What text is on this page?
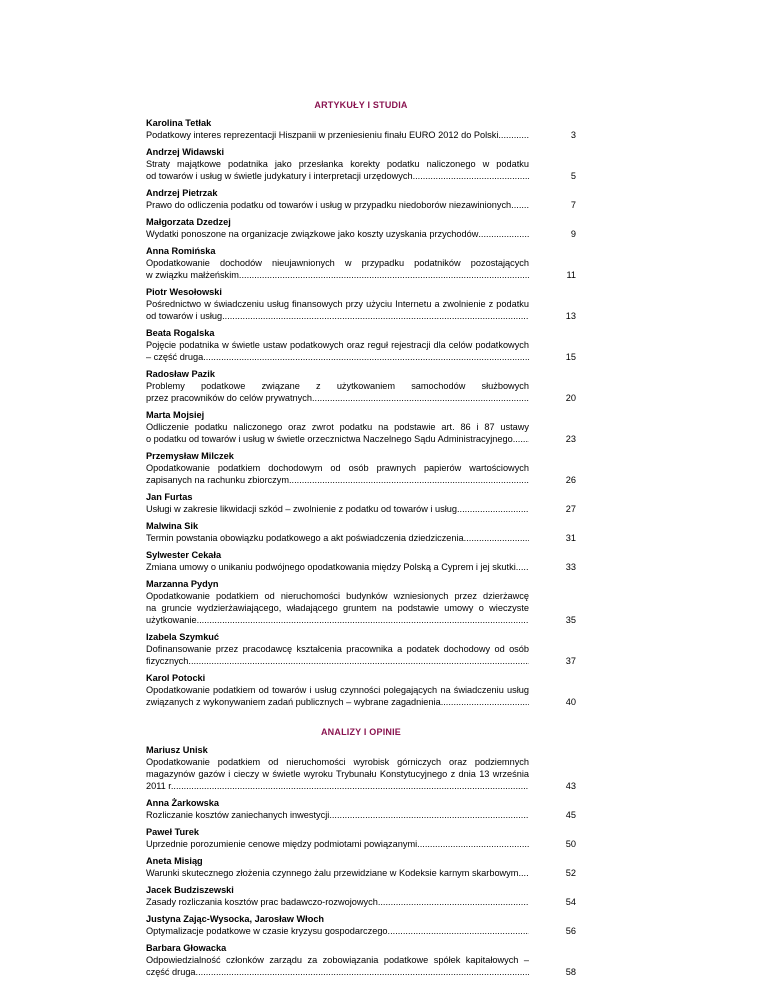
ARTYKUŁY I STUDIA
Karolina Tetłak
Podatkowy interes reprezentacji Hiszpanii w przeniesieniu finału EURO 2012 do Polski .....	3
Andrzej Widawski
Straty majątkowe podatnika jako przesłanka korekty podatku naliczonego w podatku
od towarów i usług w świetle judykatury i interpretacji urzędowych .....	5
Andrzej Pietrzak
Prawo do odliczenia podatku od towarów i usług w przypadku niedoborów niezawinionych .....	7
Małgorzata Dzedzej
Wydatki ponoszone na organizacje związkowe jako koszty uzyskania przychodów .....	9
Anna Romińska
Opodatkowanie dochodów nieujawnionych w przypadku podatników pozostających
w związku małżeńskim .....	11
Piotr Wesołowski
Pośrednictwo w świadczeniu usług finansowych przy użyciu Internetu a zwolnienie z podatku
od towarów i usług .....	13
Beata Rogalska
Pojęcie podatnika w świetle ustaw podatkowych oraz reguł rejestracji dla celów podatkowych
– część druga .....	15
Radosław Pazik
Problemy podatkowe związane z użytkowaniem samochodów służbowych
przez pracowników do celów prywatnych .....	20
Marta Mojsiej
Odliczenie podatku naliczonego oraz zwrot podatku na podstawie art. 86 i 87 ustawy
o podatku od towarów i usług w świetle orzecznictwa Naczelnego Sądu Administracyjnego .....	23
Przemysław Milczek
Opodatkowanie podatkiem dochodowym od osób prawnych papierów wartościowych
zapisanych na rachunku zbiorczym .....	26
Jan Furtas
Usługi w zakresie likwidacji szkód – zwolnienie z podatku od towarów i usług .....	27
Malwina Sik
Termin powstania obowiązku podatkowego a akt poświadczenia dziedziczenia .....	31
Sylwester Cekała
Zmiana umowy o unikaniu podwójnego opodatkowania między Polską a Cyprem i jej skutki .....	33
Marzanna Pydyn
Opodatkowanie podatkiem od nieruchomości budynków wzniesionych przez dzierżawcę
na gruncie wydzierżawiającego, władającego gruntem na podstawie umowy o wieczyste
użytkowanie .....	35
Izabela Szymkuć
Dofinansowanie przez pracodawcę kształcenia pracownika a podatek dochodowy od osób
fizycznych .....	37
Karol Potocki
Opodatkowanie podatkiem od towarów i usług czynności polegających na świadczeniu usług
związanych z wykonywaniem zadań publicznych – wybrane zagadnienia .....	40
ANALIZY I OPINIE
Mariusz Unisk
Opodatkowanie podatkiem od nieruchomości wyrobisk górniczych oraz podziemnych
magazynów gazów i cieczy w świetle wyroku Trybunału Konstytucyjnego z dnia 13 września
2011 r. .....	43
Anna Żarkowska
Rozliczanie kosztów zaniechanych inwestycji .....	45
Paweł Turek
Uprzednie porozumienie cenowe między podmiotami powiązanymi .....	50
Aneta Misiąg
Warunki skutecznego złożenia czynnego żalu przewidziane w Kodeksie karnym skarbowym .....	52
Jacek Budziszewski
Zasady rozliczania kosztów prac badawczo-rozwojowych .....	54
Justyna Zając-Wysocka, Jarosław Włoch
Optymalizacje podatkowe w czasie kryzysu gospodarczego .....	56
Barbara Głowacka
Odpowiedzialność członków zarządu za zobowiązania podatkowe spółek kapitałowych –
część druga .....	58
